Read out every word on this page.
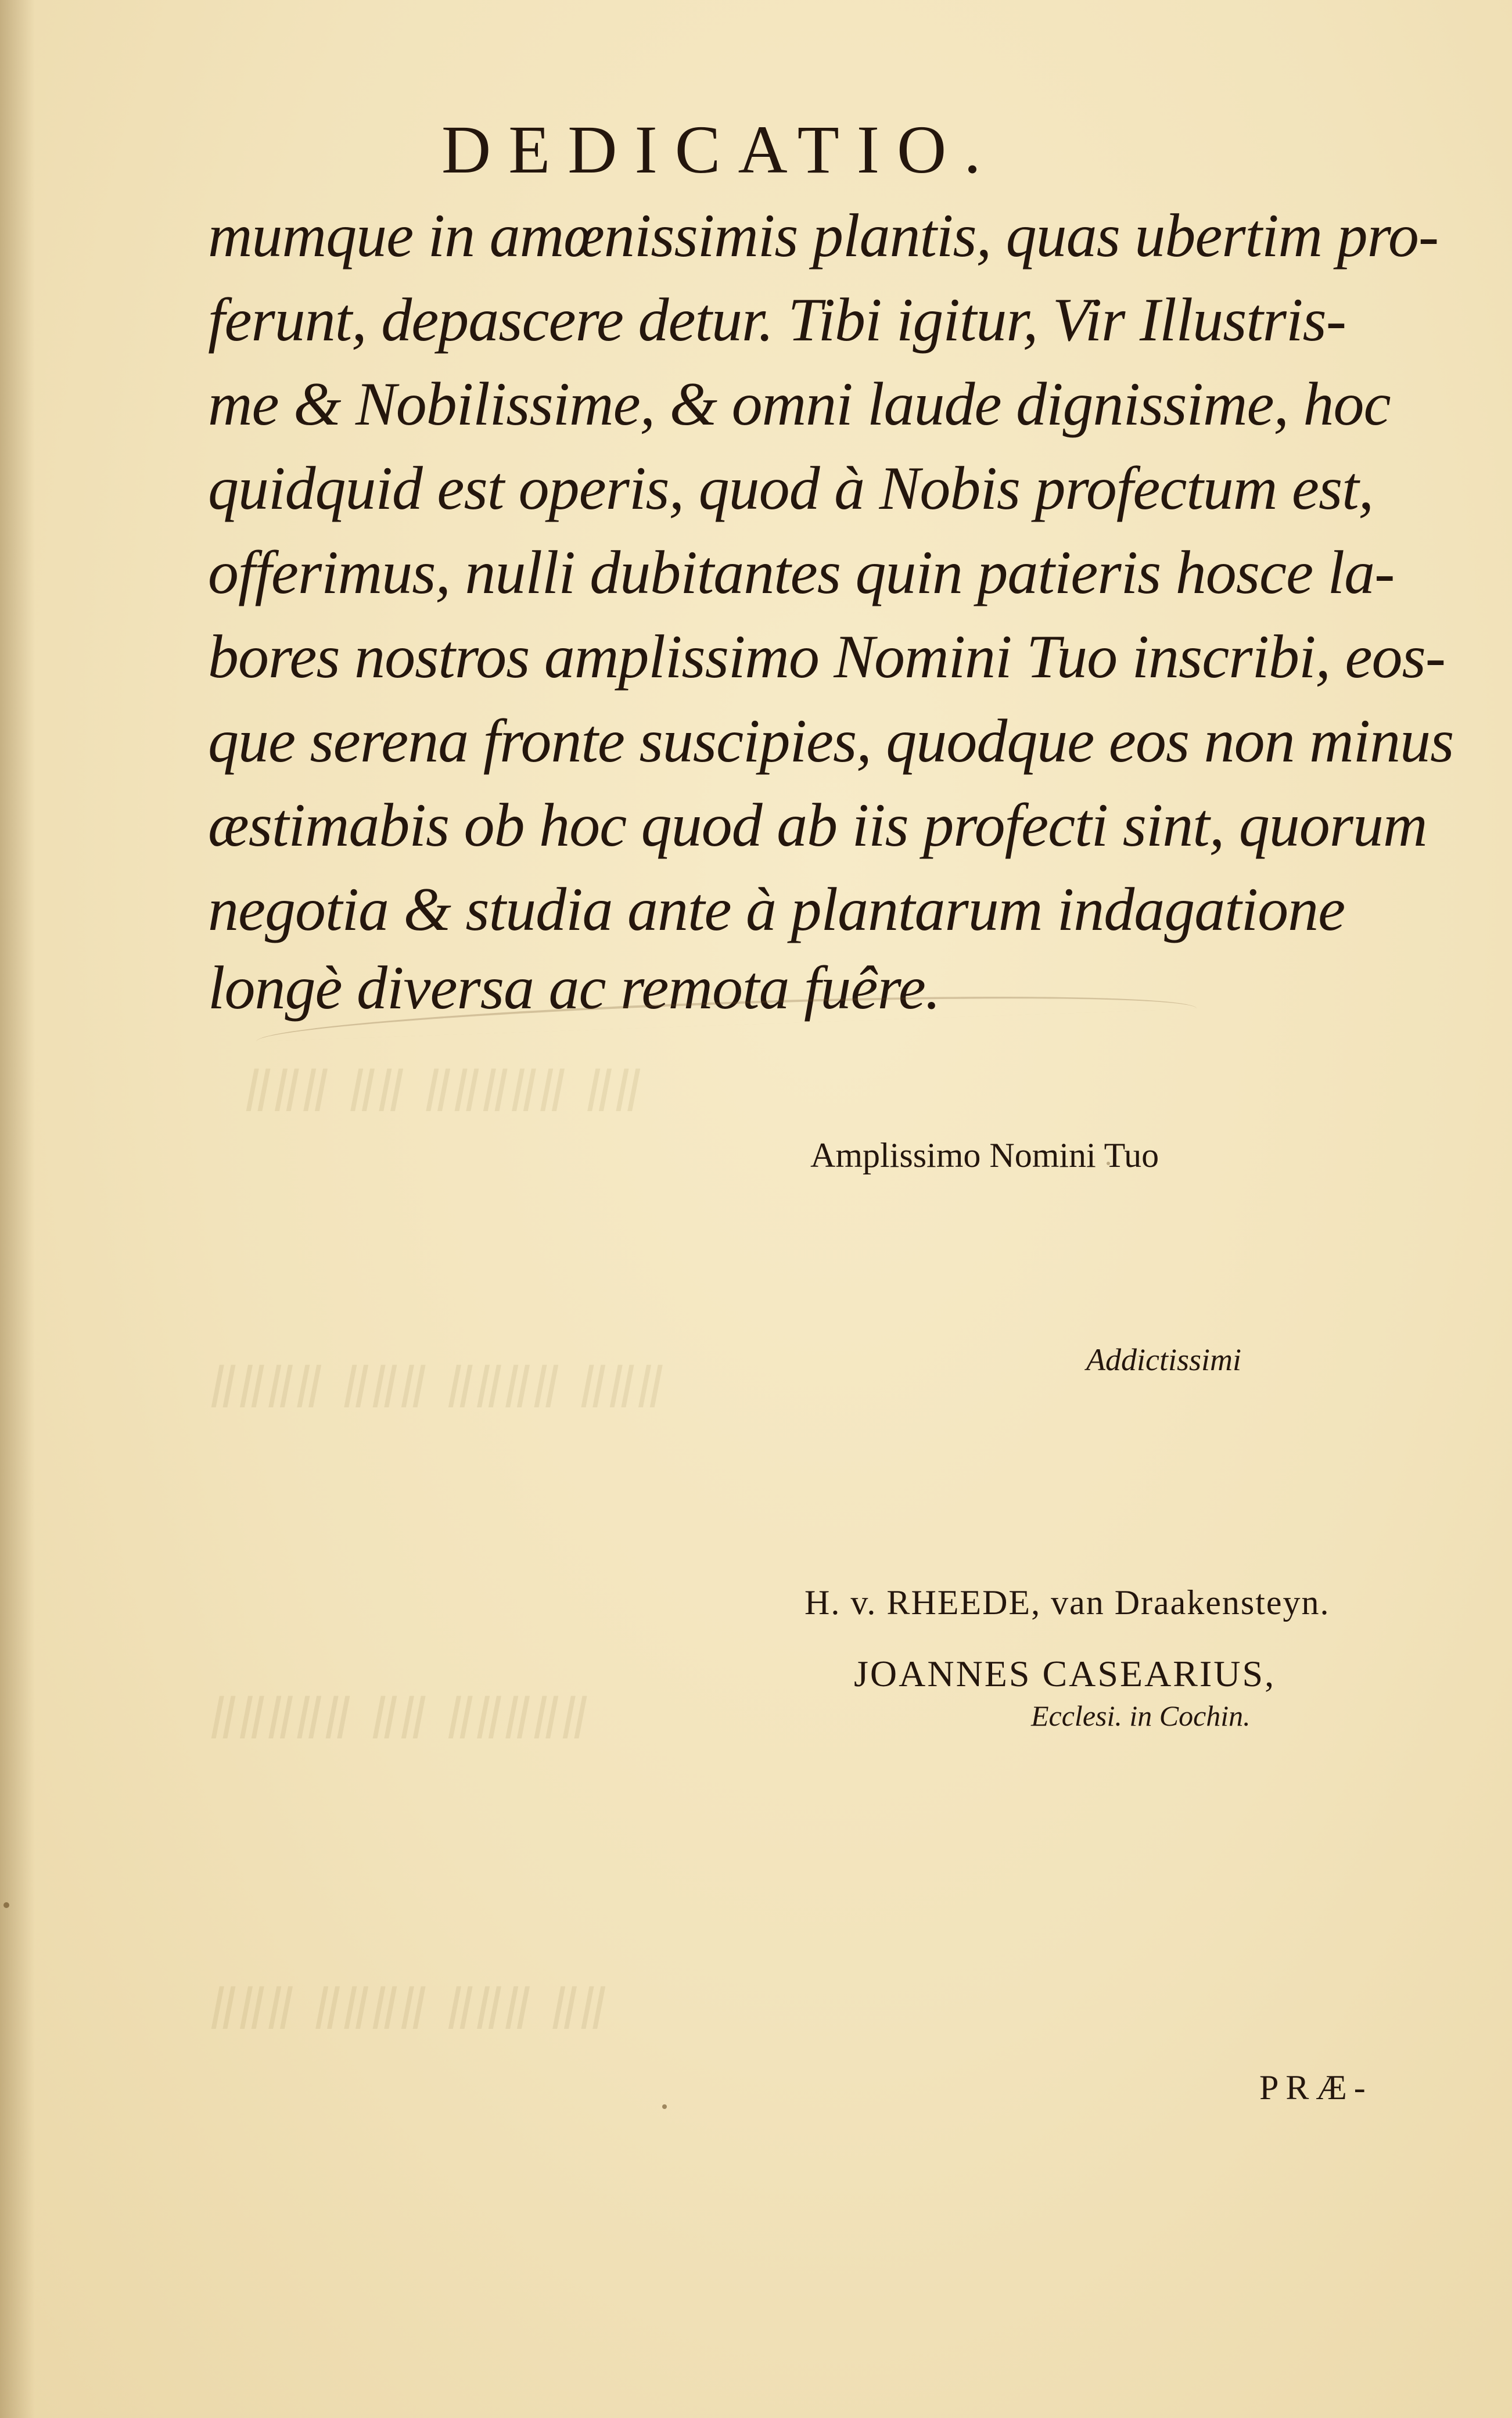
ǁǁǁ ǁǁ ǁǁǁǁǁ ǁǁ
ǁǁǁǁ ǁǁǁ ǁǁǁǁ ǁǁǁ
ǁǁǁǁǁ ǁǁ ǁǁǁǁǁ
ǁǁǁ ǁǁǁǁ ǁǁǁ ǁǁ
DEDICATIO.
mumque in amœnissimis plantis, quas ubertim pro-
ferunt, depascere detur. Tibi igitur, Vir Illustris-
me & Nobilissime, & omni laude dignissime, hoc
quidquid est operis, quod à Nobis profectum est,
offerimus, nulli dubitantes quin patieris hosce la-
bores nostros amplissimo Nomini Tuo inscribi, eos-
que serena fronte suscipies, quodque eos non minus
æstimabis ob hoc quod ab iis profecti sint, quorum
negotia & studia ante à plantarum indagatione
longè diversa ac remota fuêre.
Amplissimo Nomini Tuo
Addictissimi
H. v. RHEEDE, van Draakensteyn.
JOANNES CASEARIUS,
Ecclesi. in Cochin.
PRÆ-
